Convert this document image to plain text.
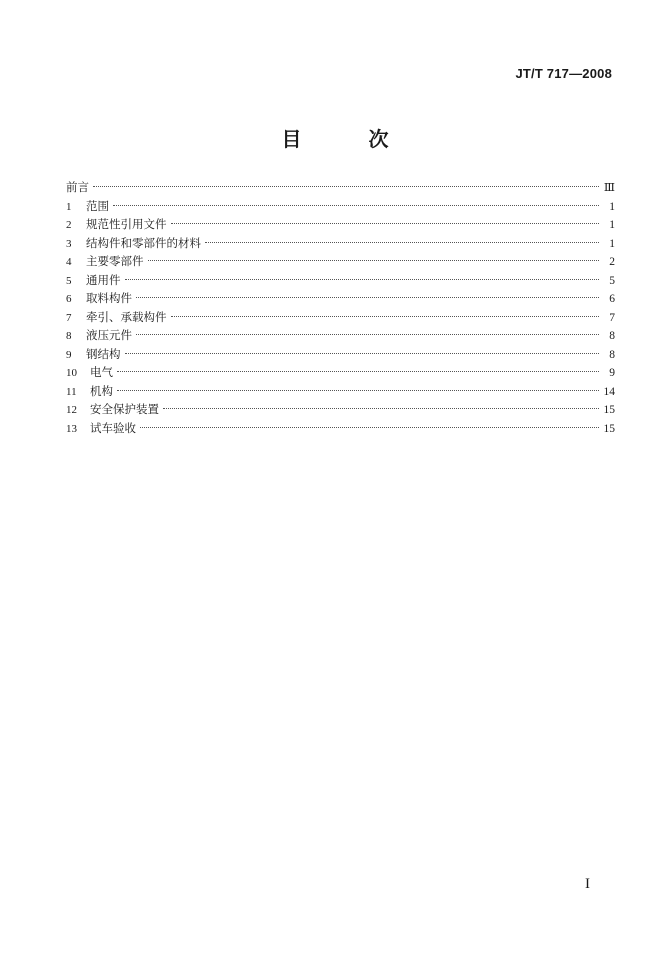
JT/T 717—2008
目 次
前言	Ⅲ
1 范围	1
2 规范性引用文件	1
3 结构件和零部件的材料	1
4 主要零部件	2
5 通用件	5
6 取料构件	6
7 牵引、承载构件	7
8 液压元件	8
9 钢结构	8
10	电气	9
11	机构	14
12	安全保护装置	15
13	试车验收	15
I
